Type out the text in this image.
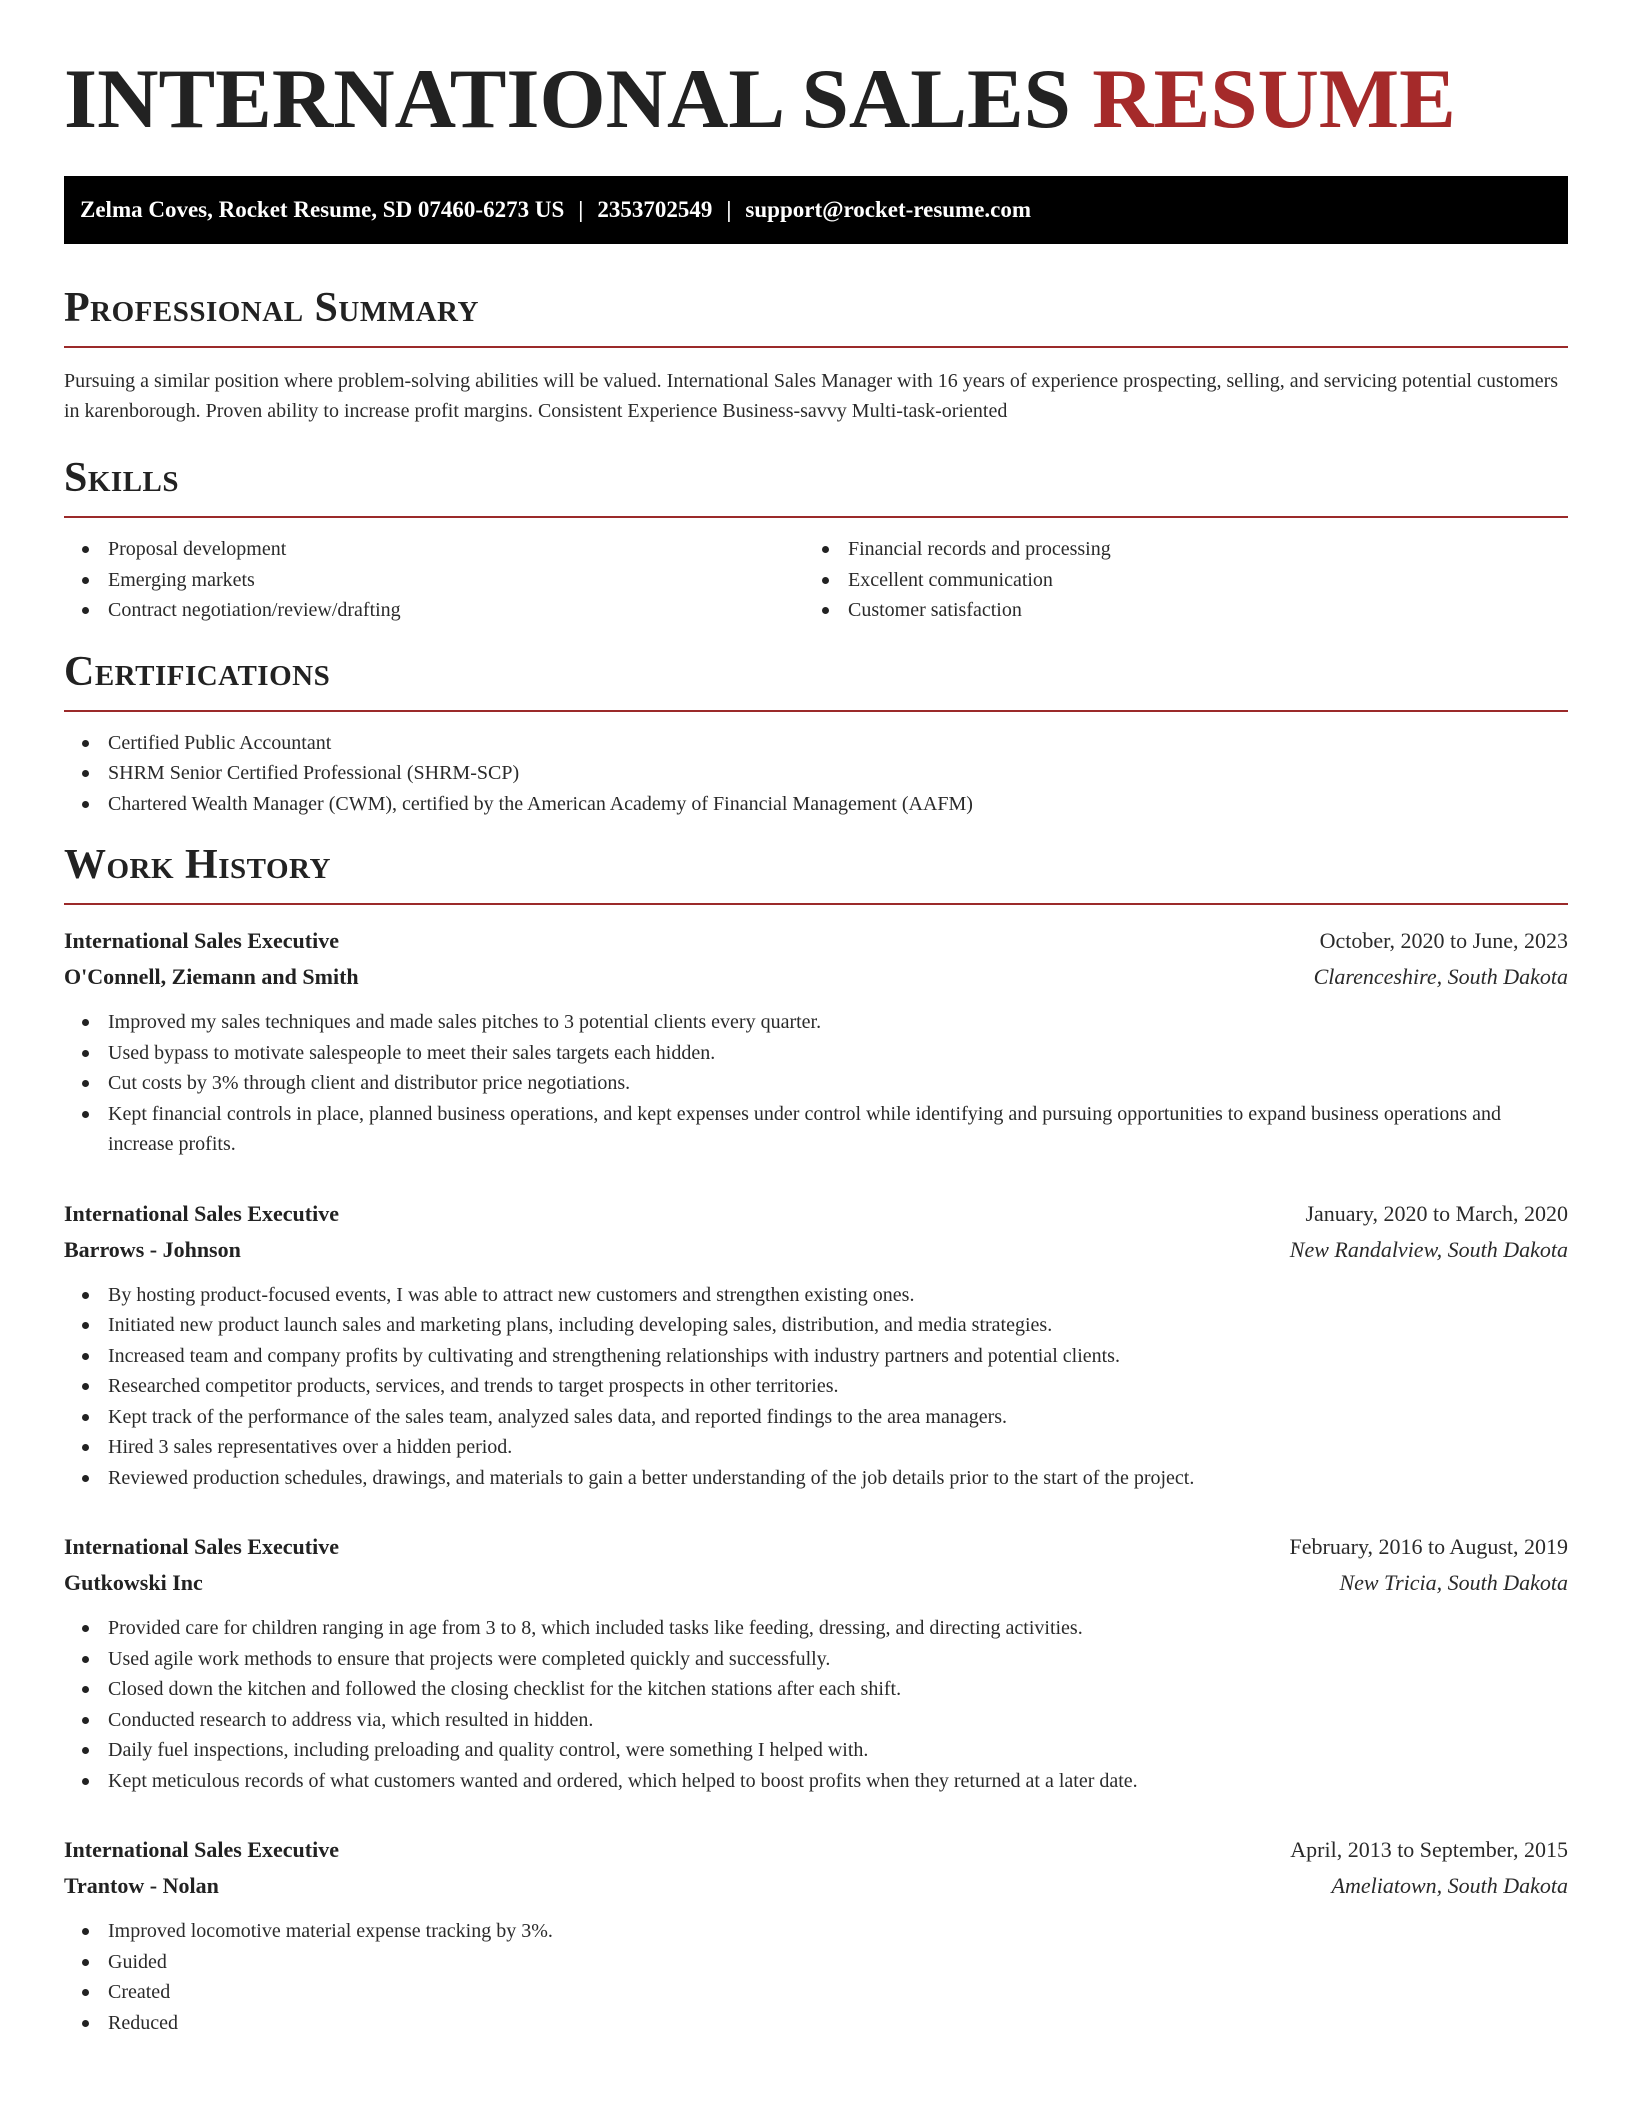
INTERNATIONAL SALES RESUME
Zelma Coves, Rocket Resume, SD 07460-6273 US | 2353702549 | support@rocket-resume.com
Professional Summary

Pursuing a similar position where problem-solving abilities will be valued. International Sales Manager with 16 years of experience prospecting, selling, and servicing potential customers in karenborough. Proven ability to increase profit margins. Consistent Experience Business-savvy Multi-task-oriented

Skills
Proposal development
Emerging markets
Contract negotiation/review/drafting
Financial records and processing
Excellent communication
Customer satisfaction
Certifications
Certified Public Accountant
SHRM Senior Certified Professional (SHRM-SCP)
Chartered Wealth Manager (CWM), certified by the American Academy of Financial Management (AAFM)
Work History
International Sales Executive	October, 2020 to June, 2023
O'Connell, Ziemann and Smith	Clarenceshire, South Dakota
Improved my sales techniques and made sales pitches to 3 potential clients every quarter.
Used bypass to motivate salespeople to meet their sales targets each hidden.
Cut costs by 3% through client and distributor price negotiations.
Kept financial controls in place, planned business operations, and kept expenses under control while identifying and pursuing opportunities to expand business operations and increase profits.
International Sales Executive	January, 2020 to March, 2020
Barrows - Johnson	New Randalview, South Dakota
By hosting product-focused events, I was able to attract new customers and strengthen existing ones.
Initiated new product launch sales and marketing plans, including developing sales, distribution, and media strategies.
Increased team and company profits by cultivating and strengthening relationships with industry partners and potential clients.
Researched competitor products, services, and trends to target prospects in other territories.
Kept track of the performance of the sales team, analyzed sales data, and reported findings to the area managers.
Hired 3 sales representatives over a hidden period.
Reviewed production schedules, drawings, and materials to gain a better understanding of the job details prior to the start of the project.
International Sales Executive	February, 2016 to August, 2019
Gutkowski Inc	New Tricia, South Dakota
Provided care for children ranging in age from 3 to 8, which included tasks like feeding, dressing, and directing activities.
Used agile work methods to ensure that projects were completed quickly and successfully.
Closed down the kitchen and followed the closing checklist for the kitchen stations after each shift.
Conducted research to address via, which resulted in hidden.
Daily fuel inspections, including preloading and quality control, were something I helped with.
Kept meticulous records of what customers wanted and ordered, which helped to boost profits when they returned at a later date.
International Sales Executive	April, 2013 to September, 2015
Trantow - Nolan	Ameliatown, South Dakota
Improved locomotive material expense tracking by 3%.
Guided
Created
Reduced
